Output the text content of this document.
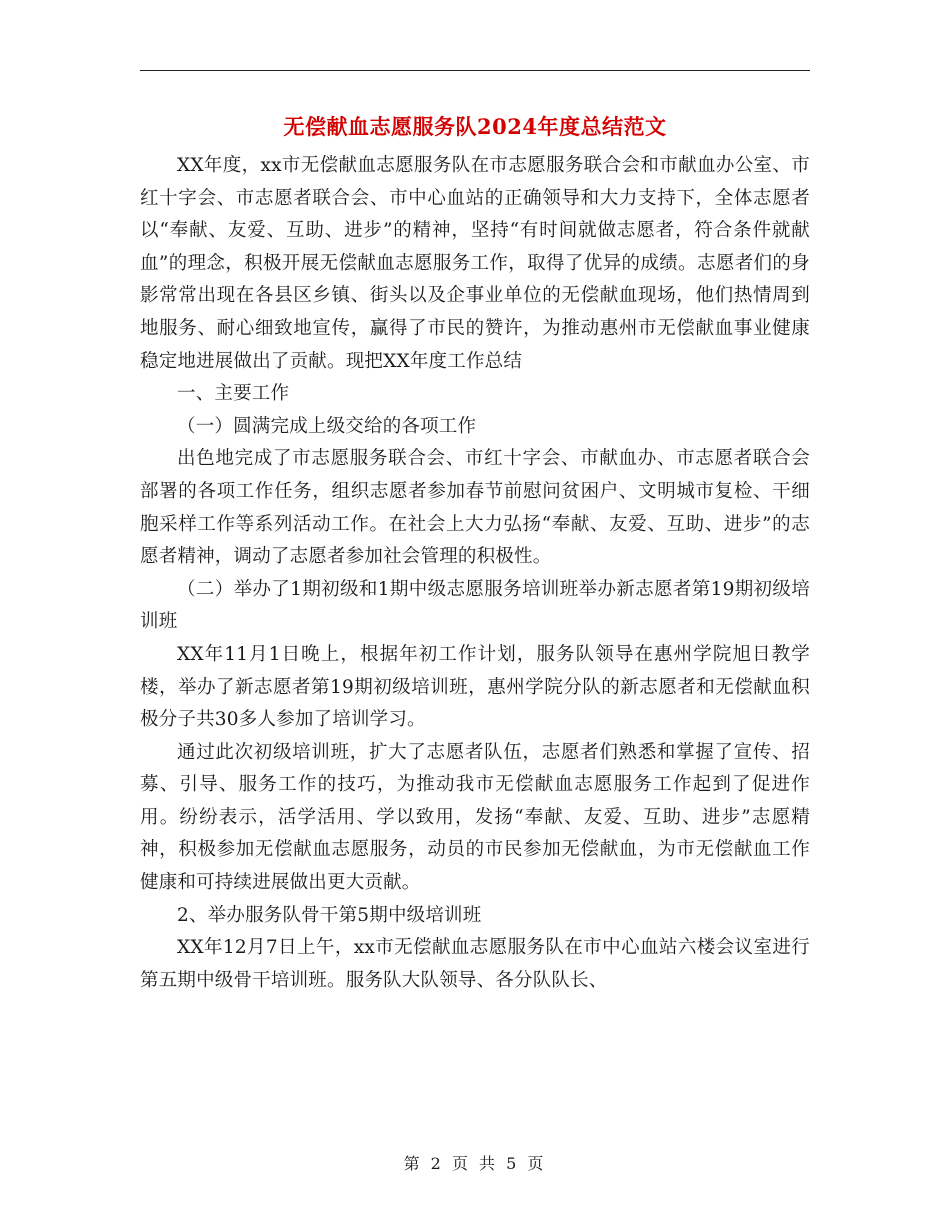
无偿献血志愿服务队2024年度总结范文

XX年度，xx市无偿献血志愿服务队在市志愿服务联合会和市献血办公室、市红十字会、市志愿者联合会、市中心血站的正确领导和大力支持下，全体志愿者以“奉献、友爱、互助、进步”的精神，坚持“有时间就做志愿者，符合条件就献血”的理念，积极开展无偿献血志愿服务工作，取得了优异的成绩。志愿者们的身影常常出现在各县区乡镇、街头以及企事业单位的无偿献血现场，他们热情周到地服务、耐心细致地宣传，赢得了市民的赞许，为推动惠州市无偿献血事业健康稳定地进展做出了贡献。现把XX年度工作总结

一、主要工作

（一）圆满完成上级交给的各项工作

出色地完成了市志愿服务联合会、市红十字会、市献血办、市志愿者联合会部署的各项工作任务，组织志愿者参加春节前慰问贫困户、文明城市复检、干细胞采样工作等系列活动工作。在社会上大力弘扬“奉献、友爱、互助、进步”的志愿者精神，调动了志愿者参加社会管理的积极性。

（二）举办了1期初级和1期中级志愿服务培训班举办新志愿者第19期初级培训班

XX年11月1日晚上，根据年初工作计划，服务队领导在惠州学院旭日教学楼，举办了新志愿者第19期初级培训班，惠州学院分队的新志愿者和无偿献血积极分子共30多人参加了培训学习。

通过此次初级培训班，扩大了志愿者队伍，志愿者们熟悉和掌握了宣传、招募、引导、服务工作的技巧，为推动我市无偿献血志愿服务工作起到了促进作用。纷纷表示，活学活用、学以致用，发扬“奉献、友爱、互助、进步”志愿精神，积极参加无偿献血志愿服务，动员的市民参加无偿献血，为市无偿献血工作健康和可持续进展做出更大贡献。

2、举办服务队骨干第5期中级培训班

XX年12月7日上午，xx市无偿献血志愿服务队在市中心血站六楼会议室进行第五期中级骨干培训班。服务队大队领导、各分队队长、

第 2 页 共 5 页
